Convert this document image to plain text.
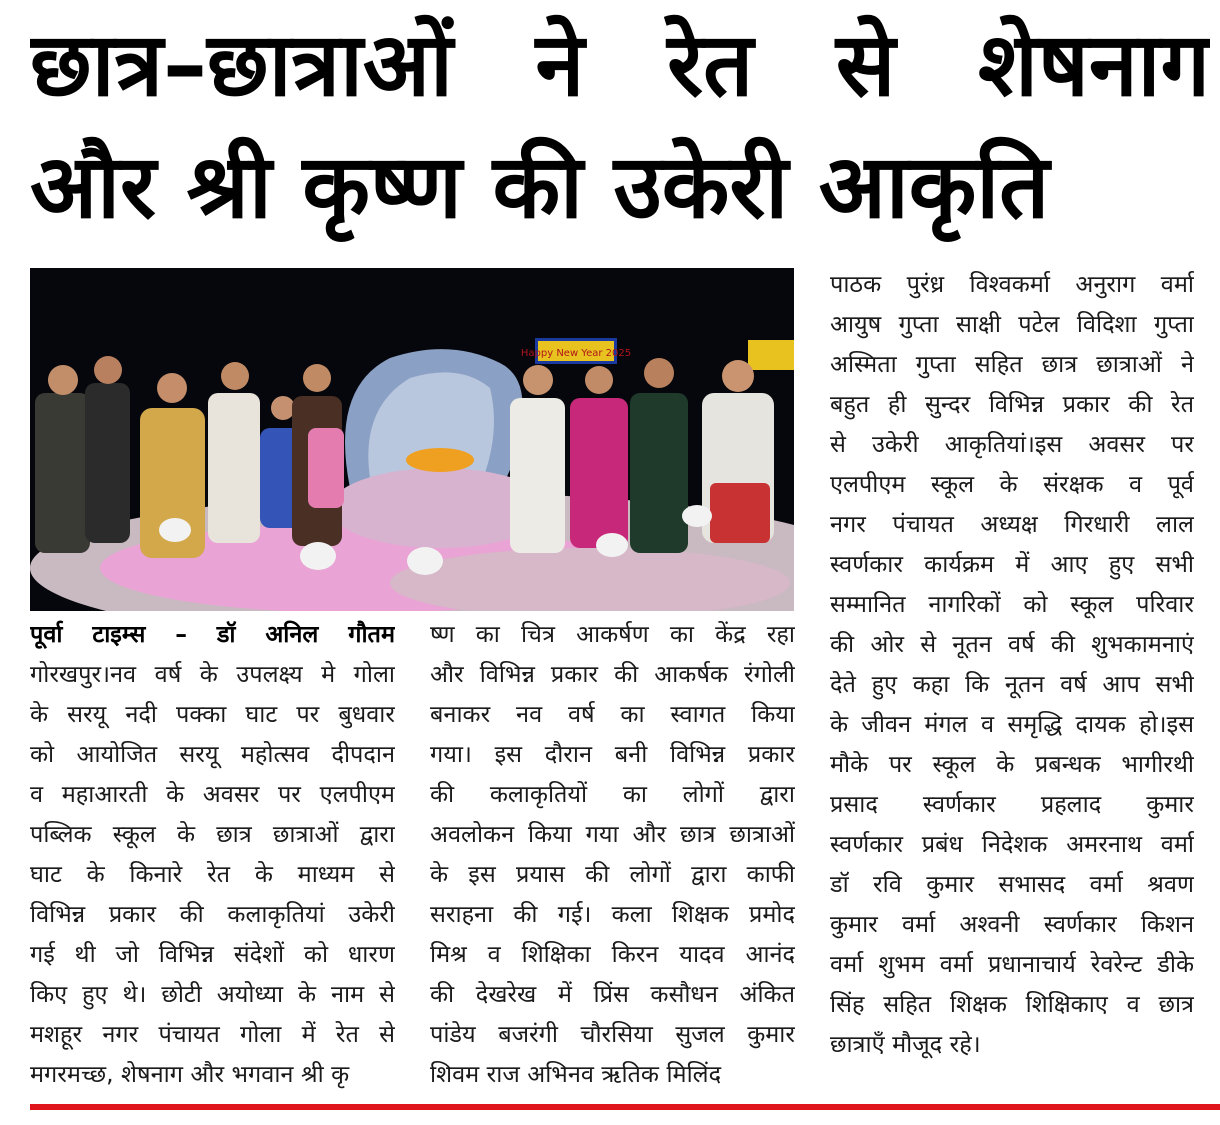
छात्र–छात्राओं ने रेत से शेषनाग
और श्री कृष्ण की उकेरी आकृति
Happy New Year 2025
पूर्वा टाइम्स – डॉ अनिल गौतम
गोरखपुर।नव वर्ष के उपलक्ष्य मे गोला
के सरयू नदी पक्का घाट पर बुधवार
को आयोजित सरयू महोत्सव दीपदान
व महाआरती के अवसर पर एलपीएम
पब्लिक स्कूल के छात्र छात्राओं द्वारा
घाट के किनारे रेत के माध्यम से
विभिन्न प्रकार की कलाकृतियां उकेरी
गई थी जो विभिन्न संदेशों को धारण
किए हुए थे। छोटी अयोध्या के नाम से
मशहूर नगर पंचायत गोला में रेत से
मगरमच्छ, शेषनाग और भगवान श्री कृ
ष्ण का चित्र आकर्षण का केंद्र रहा
और विभिन्न प्रकार की आकर्षक रंगोली
बनाकर नव वर्ष का स्वागत किया
गया। इस दौरान बनी विभिन्न प्रकार
की कलाकृतियों का लोगों द्वारा
अवलोकन किया गया और छात्र छात्राओं
के इस प्रयास की लोगों द्वारा काफी
सराहना की गई। कला शिक्षक प्रमोद
मिश्र व शिक्षिका किरन यादव आनंद
की देखरेख में प्रिंस कसौधन अंकित
पांडेय बजरंगी चौरसिया सुजल कुमार
शिवम राज अभिनव ऋतिक मिलिंद
पाठक पुरंध्र विश्वकर्मा अनुराग वर्मा
आयुष गुप्ता साक्षी पटेल विदिशा गुप्ता
अस्मिता गुप्ता सहित छात्र छात्राओं ने
बहुत ही सुन्दर विभिन्न प्रकार की रेत
से उकेरी आकृतियां।इस अवसर पर
एलपीएम स्कूल के संरक्षक व पूर्व
नगर पंचायत अध्यक्ष गिरधारी लाल
स्वर्णकार कार्यक्रम में आए हुए सभी
सम्मानित नागरिकों को स्कूल परिवार
की ओर से नूतन वर्ष की शुभकामनाएं
देते हुए कहा कि नूतन वर्ष आप सभी
के जीवन मंगल व समृद्धि दायक हो।इस
मौके पर स्कूल के प्रबन्धक भागीरथी
प्रसाद स्वर्णकार प्रहलाद कुमार
स्वर्णकार प्रबंध निदेशक अमरनाथ वर्मा
डॉ रवि कुमार सभासद वर्मा श्रवण
कुमार वर्मा अश्वनी स्वर्णकार किशन
वर्मा शुभम वर्मा प्रधानाचार्य रेवरेन्ट डीके
सिंह सहित शिक्षक शिक्षिकाए व छात्र
छात्राएँ मौजूद रहे।
